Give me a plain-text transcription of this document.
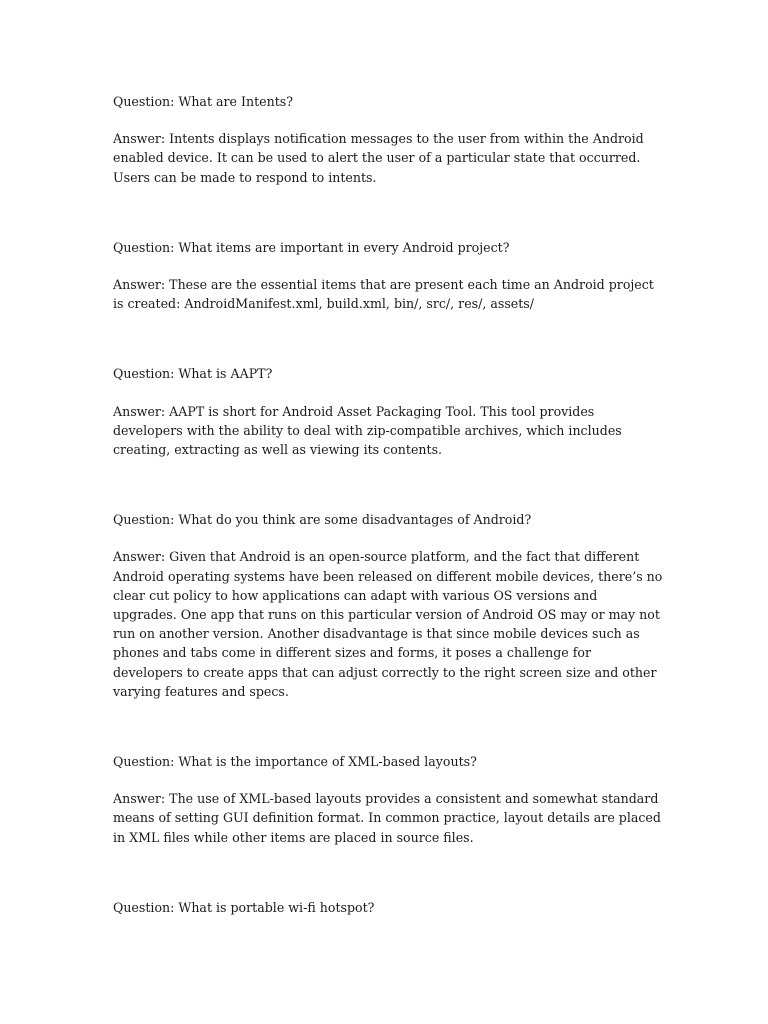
Question: What are Intents?

Answer: Intents displays notification messages to the user from within the Android enabled device. It can be used to alert the user of a particular state that occurred. Users can be made to respond to intents.

Question: What items are important in every Android project?

Answer: These are the essential items that are present each time an Android project is created: AndroidManifest.xml, build.xml, bin/, src/, res/, assets/

Question: What is AAPT?

Answer: AAPT is short for Android Asset Packaging Tool. This tool provides developers with the ability to deal with zip-compatible archives, which includes creating, extracting as well as viewing its contents.

Question: What do you think are some disadvantages of Android?

Answer: Given that Android is an open-source platform, and the fact that different Android operating systems have been released on different mobile devices, there’s no clear cut policy to how applications can adapt with various OS versions and upgrades. One app that runs on this particular version of Android OS may or may not run on another version. Another disadvantage is that since mobile devices such as phones and tabs come in different sizes and forms, it poses a challenge for developers to create apps that can adjust correctly to the right screen size and other varying features and specs.

Question: What is the importance of XML-based layouts?

Answer: The use of XML-based layouts provides a consistent and somewhat standard means of setting GUI definition format. In common practice, layout details are placed in XML files while other items are placed in source files.

Question: What is portable wi-fi hotspot?
